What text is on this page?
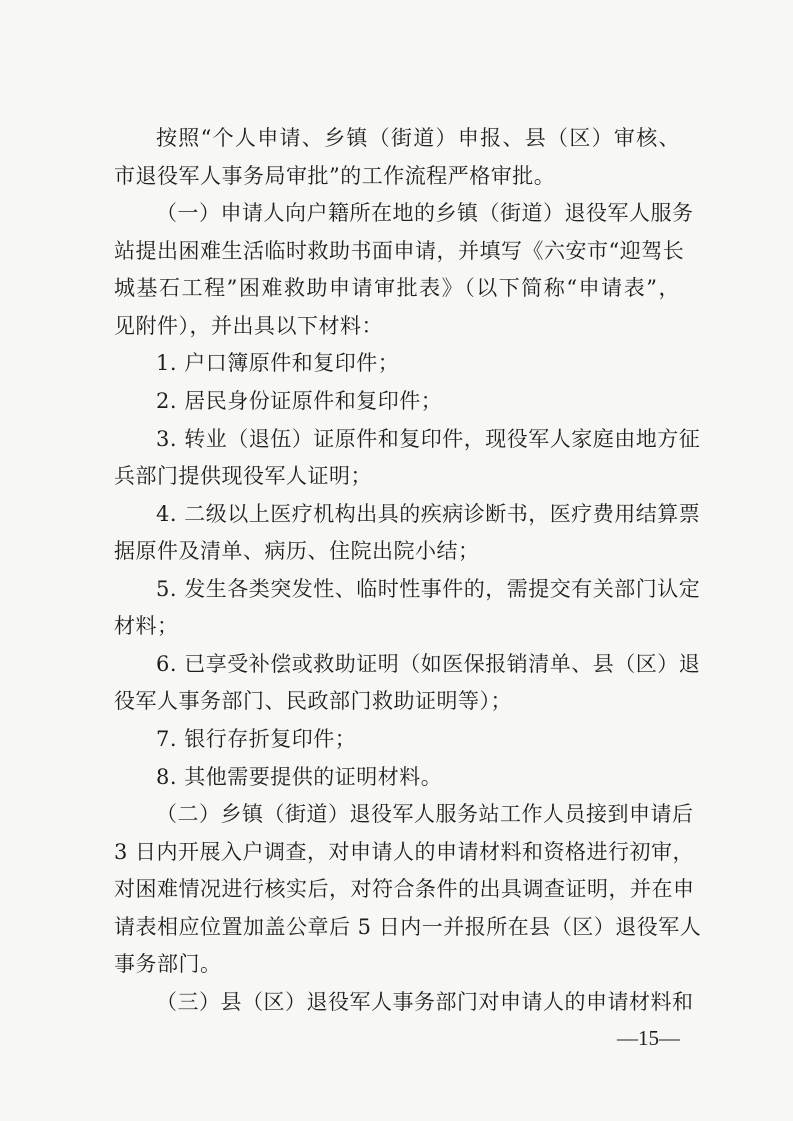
按照“个人申请、乡镇（街道）申报、县（区）审核、
市退役军人事务局审批”的工作流程严格审批。
（一）申请人向户籍所在地的乡镇（街道）退役军人服务
站提出困难生活临时救助书面申请，并填写《六安市“迎驾长
城基石工程”困难救助申请审批表》（以下简称“申请表”，
见附件），并出具以下材料：
1. 户口簿原件和复印件；
2. 居民身份证原件和复印件；
3. 转业（退伍）证原件和复印件，现役军人家庭由地方征
兵部门提供现役军人证明；
4. 二级以上医疗机构出具的疾病诊断书，医疗费用结算票
据原件及清单、病历、住院出院小结；
5. 发生各类突发性、临时性事件的，需提交有关部门认定
材料；
6. 已享受补偿或救助证明（如医保报销清单、县（区）退
役军人事务部门、民政部门救助证明等）；
7. 银行存折复印件；
8. 其他需要提供的证明材料。
（二）乡镇（街道）退役军人服务站工作人员接到申请后
3 日内开展入户调查，对申请人的申请材料和资格进行初审，
对困难情况进行核实后，对符合条件的出具调查证明，并在申
请表相应位置加盖公章后 5 日内一并报所在县（区）退役军人
事务部门。
（三）县（区）退役军人事务部门对申请人的申请材料和
—15—
